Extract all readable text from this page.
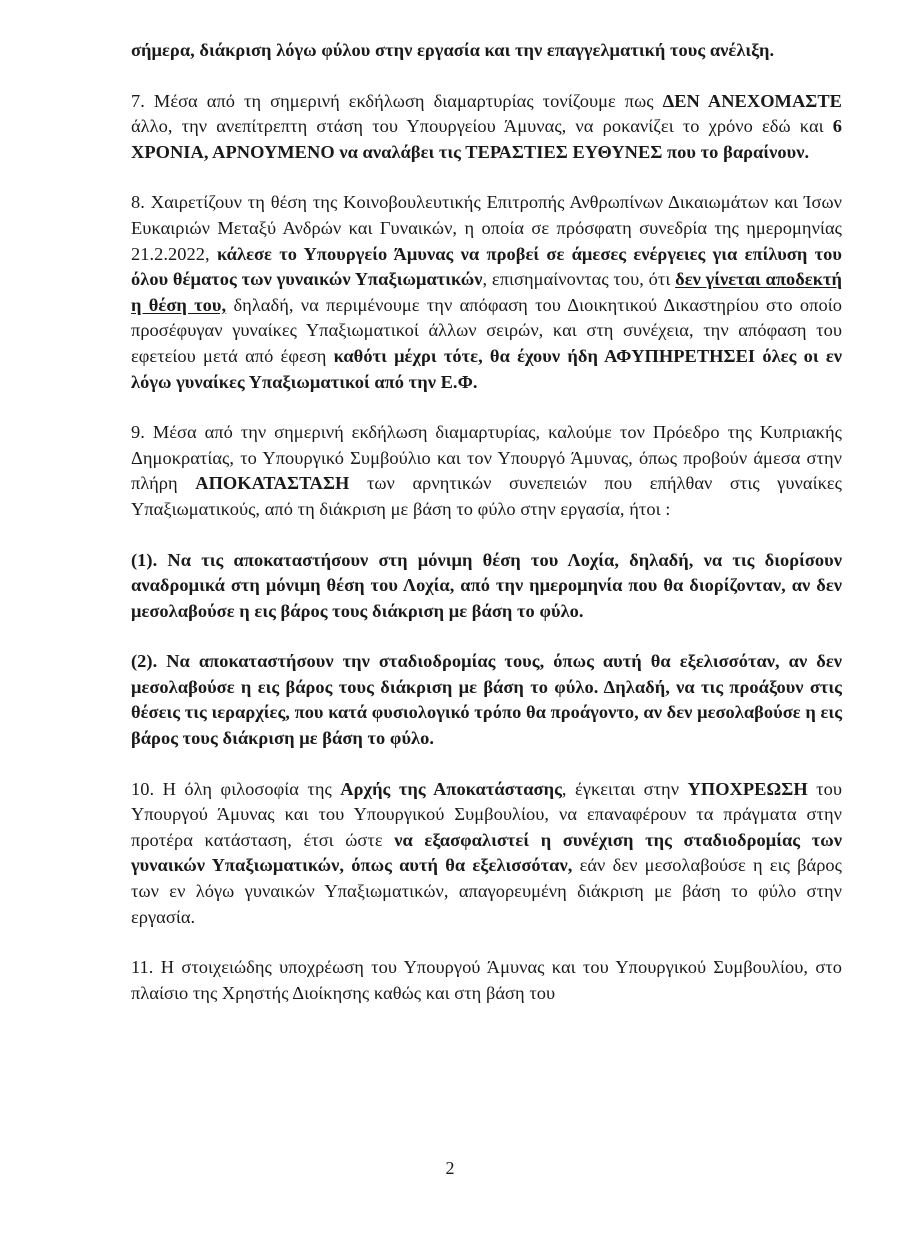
σήμερα, διάκριση λόγω φύλου στην εργασία και την επαγγελματική τους ανέλιξη.

7. Μέσα από τη σημερινή εκδήλωση διαμαρτυρίας τονίζουμε πως ΔΕΝ ΑΝΕΧΟΜΑΣΤΕ άλλο, την ανεπίτρεπτη στάση του Υπουργείου Άμυνας, να ροκανίζει το χρόνο εδώ και 6 ΧΡΟΝΙΑ, ΑΡΝΟΥΜΕΝΟ να αναλάβει τις ΤΕΡΑΣΤΙΕΣ ΕΥΘΥΝΕΣ που το βαραίνουν.

8. Χαιρετίζουν τη θέση της Κοινοβουλευτικής Επιτροπής Ανθρωπίνων Δικαιωμάτων και Ίσων Ευκαιριών Μεταξύ Ανδρών και Γυναικών, η οποία σε πρόσφατη συνεδρία της ημερομηνίας 21.2.2022, κάλεσε το Υπουργείο Άμυνας να προβεί σε άμεσες ενέργειες για επίλυση του όλου θέματος των γυναικών Υπαξιωματικών, επισημαίνοντας του, ότι δεν γίνεται αποδεκτή η θέση του, δηλαδή, να περιμένουμε την απόφαση του Διοικητικού Δικαστηρίου στο οποίο προσέφυγαν γυναίκες Υπαξιωματικοί άλλων σειρών, και στη συνέχεια, την απόφαση του εφετείου μετά από έφεση καθότι μέχρι τότε, θα έχουν ήδη ΑΦΥΠΗΡΕΤΗΣΕΙ όλες οι εν λόγω γυναίκες Υπαξιωματικοί από την Ε.Φ.

9. Μέσα από την σημερινή εκδήλωση διαμαρτυρίας, καλούμε τον Πρόεδρο της Κυπριακής Δημοκρατίας, το Υπουργικό Συμβούλιο και τον Υπουργό Άμυνας, όπως προβούν άμεσα στην πλήρη ΑΠΟΚΑΤΑΣΤΑΣΗ των αρνητικών συνεπειών που επήλθαν στις γυναίκες Υπαξιωματικούς, από τη διάκριση με βάση το φύλο στην εργασία, ήτοι :

(1). Να τις αποκαταστήσουν στη μόνιμη θέση του Λοχία, δηλαδή, να τις διορίσουν αναδρομικά στη μόνιμη θέση του Λοχία, από την ημερομηνία που θα διορίζονταν, αν δεν μεσολαβούσε η εις βάρος τους διάκριση με βάση το φύλο.

(2). Να αποκαταστήσουν την σταδιοδρομίας τους, όπως αυτή θα εξελισσόταν, αν δεν μεσολαβούσε η εις βάρος τους διάκριση με βάση το φύλο. Δηλαδή, να τις προάξουν στις θέσεις τις ιεραρχίες, που κατά φυσιολογικό τρόπο θα προάγοντο, αν δεν μεσολαβούσε η εις βάρος τους διάκριση με βάση το φύλο.

10. Η όλη φιλοσοφία της Αρχής της Αποκατάστασης, έγκειται στην ΥΠΟΧΡΕΩΣΗ του Υπουργού Άμυνας και του Υπουργικού Συμβουλίου, να επαναφέρουν τα πράγματα στην προτέρα κατάσταση, έτσι ώστε να εξασφαλιστεί η συνέχιση της σταδιοδρομίας των γυναικών Υπαξιωματικών, όπως αυτή θα εξελισσόταν, εάν δεν μεσολαβούσε η εις βάρος των εν λόγω γυναικών Υπαξιωματικών, απαγορευμένη διάκριση με βάση το φύλο στην εργασία.

11. Η στοιχειώδης υποχρέωση του Υπουργού Άμυνας και του Υπουργικού Συμβουλίου, στο πλαίσιο της Χρηστής Διοίκησης καθώς και στη βάση του

2
